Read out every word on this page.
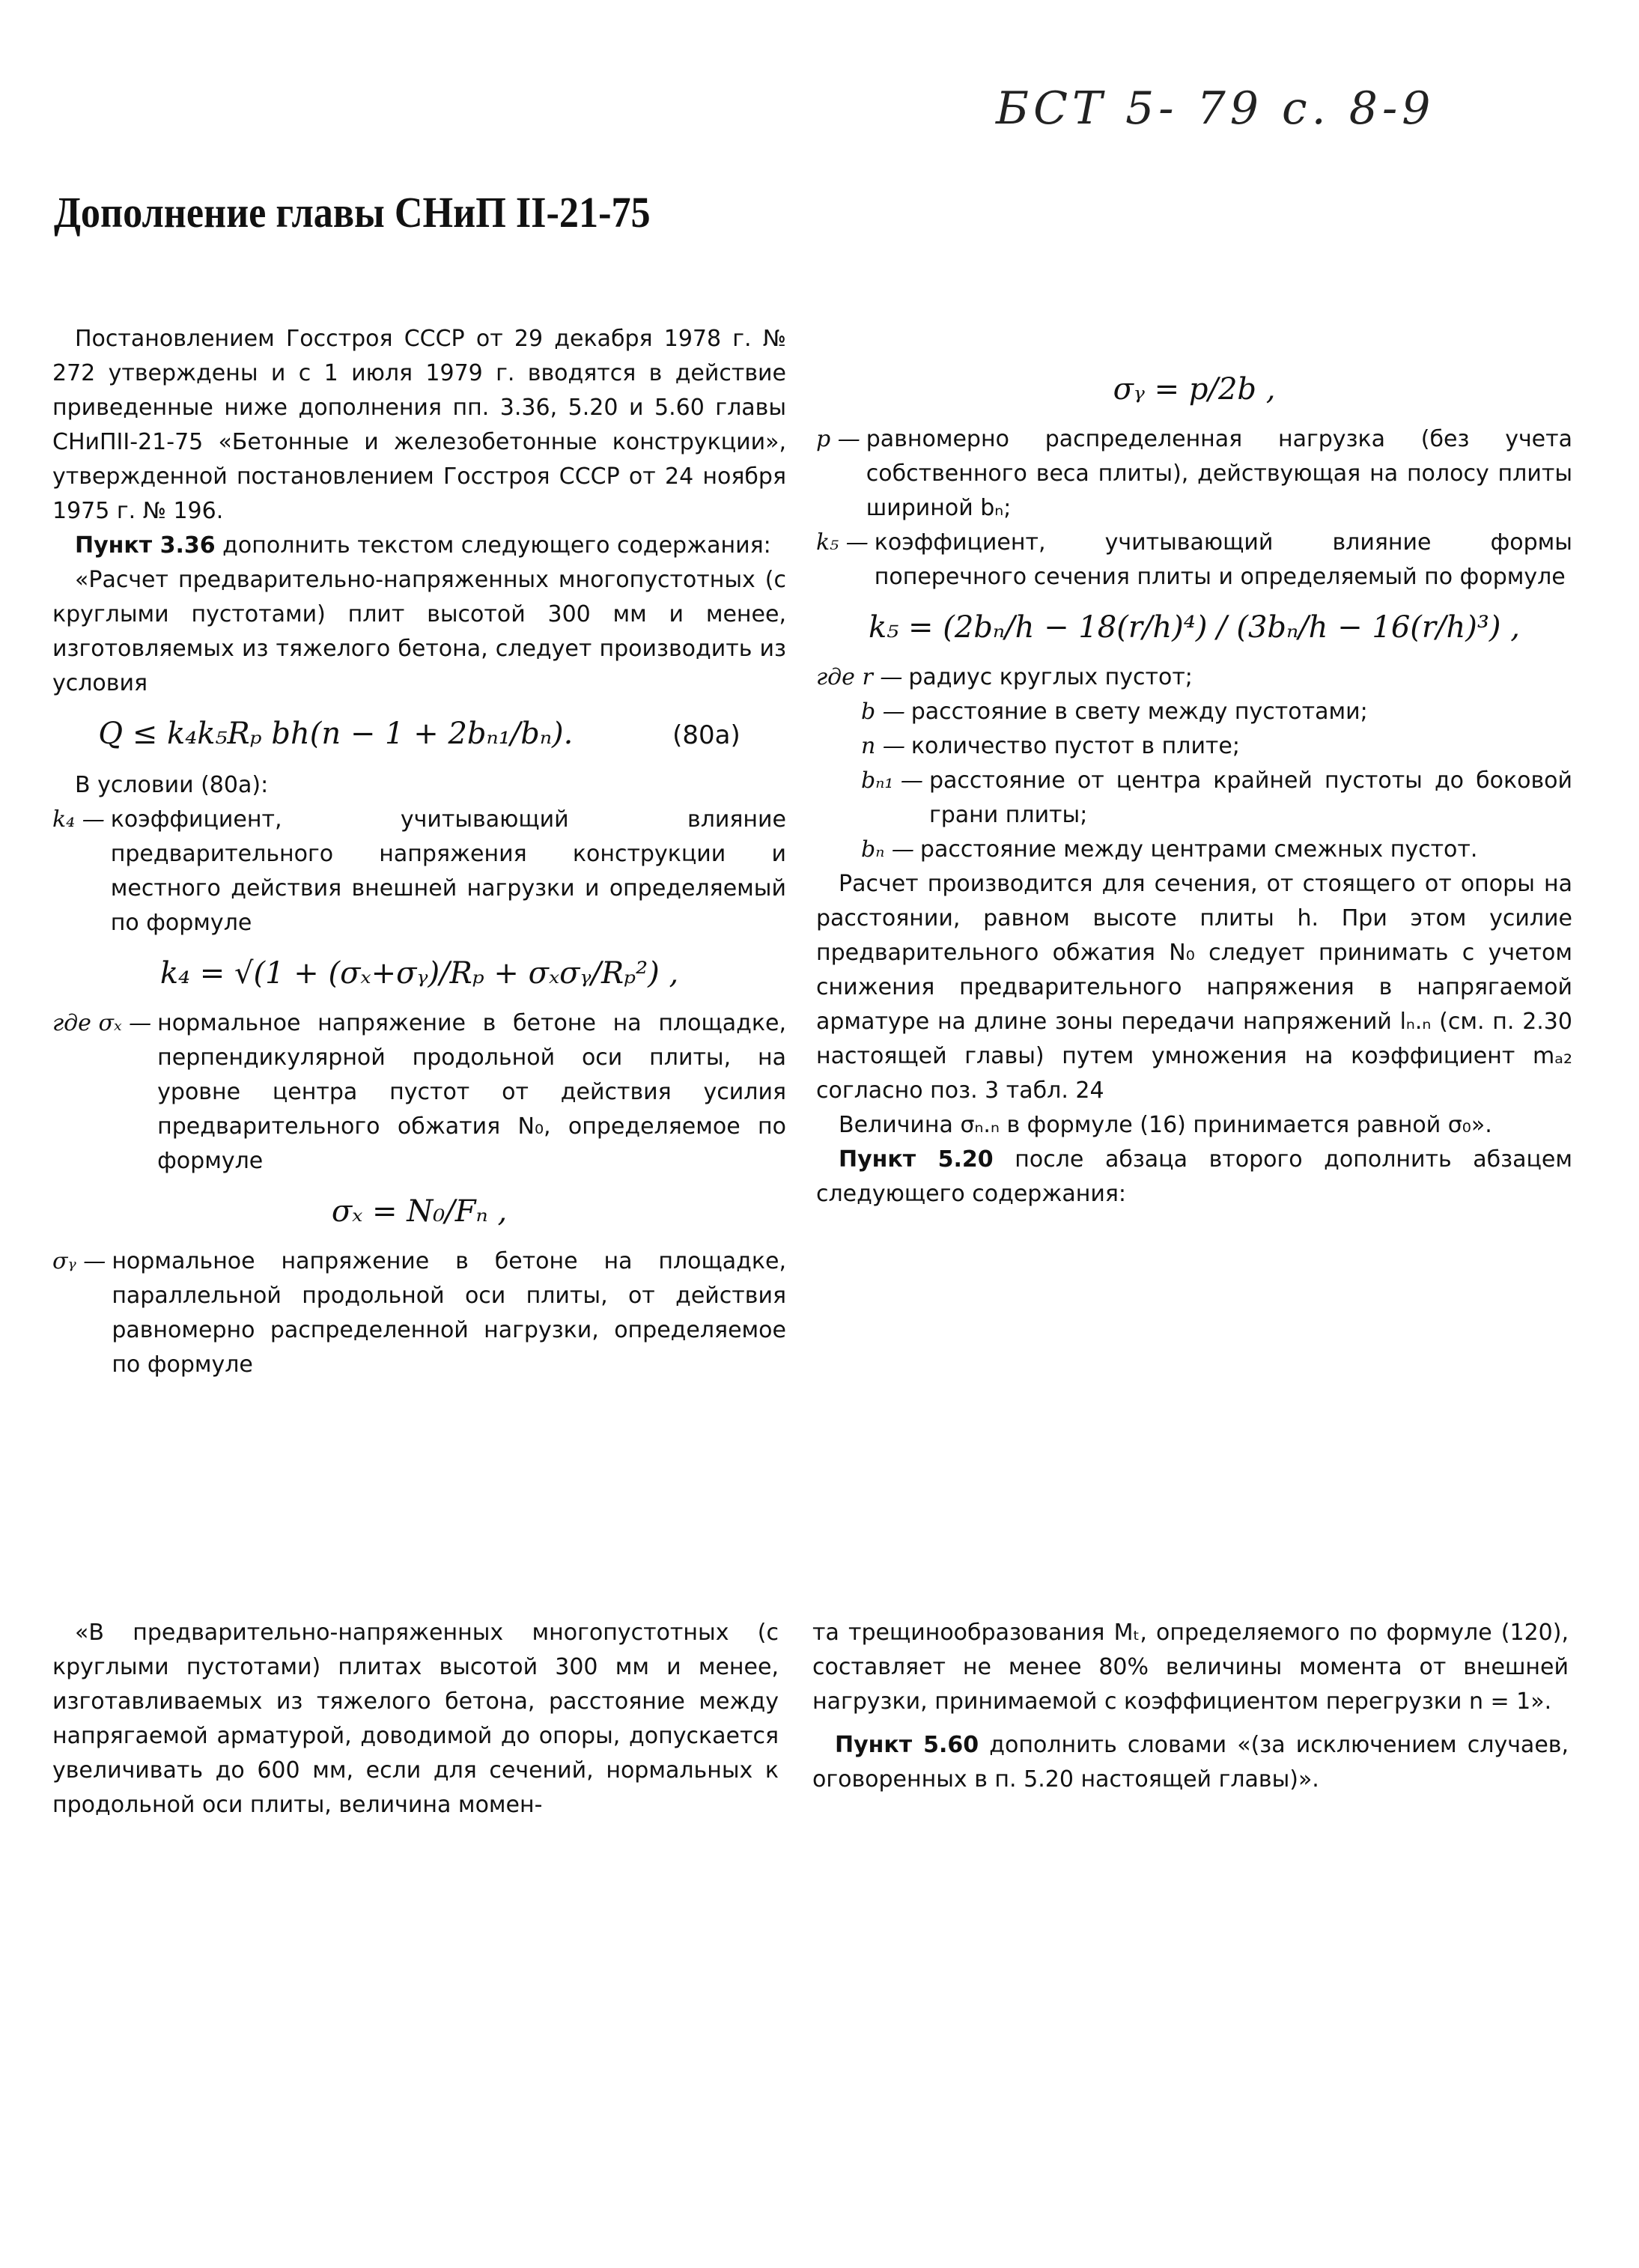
БСТ 5- 79 с. 8-9
Дополнение главы СНиП II-21-75

Постановлением Госстроя СССР от 29 декабря 1978 г. № 272 утверждены и с 1 июля 1979 г. вводятся в действие приведенные ниже дополнения пп. 3.36, 5.20 и 5.60 главы СНиПII-21-75 «Бетонные и железобетонные конструкции», утвержденной постановлением Госстроя СССР от 24 ноября 1975 г. № 196.

Пункт 3.36 дополнить текстом следующего содержания:

«Расчет предварительно-напряженных многопустотных (с круглыми пустотами) плит высотой 300 мм и менее, изготовляемых из тяжелого бетона, следует производить из условия

Q ≤ k₄k₅Rₚ bh(n − 1 + 2bₙ₁/bₙ).	(80а)

В условии (80а):

k₄ — коэффициент, учитывающий влияние предварительного напряжения конструкции и местного действия внешней нагрузки и определяемый по формуле
k₄ = √(1 + (σₓ+σᵧ)/Rₚ + σₓσᵧ/Rₚ²) ,
где σₓ — нормальное напряжение в бетоне на площадке, перпендикулярной продольной оси плиты, на уровне центра пустот от действия усилия предварительного обжатия N₀, определяемое по формуле
σₓ = N₀/Fₙ ,
σᵧ — нормальное напряжение в бетоне на площадке, параллельной продольной оси плиты, от действия равномерно распределенной нагрузки, определяемое по формуле
σᵧ = p/2b ,
p — равномерно распределенная нагрузка (без учета собственного веса плиты), действующая на полосу плиты шириной bₙ;
k₅ — коэффициент, учитывающий влияние формы поперечного сечения плиты и определяемый по формуле
k₅ = (2bₙ/h − 18(r/h)⁴) / (3bₙ/h − 16(r/h)³) ,
где r — радиус круглых пустот;
b — расстояние в свету между пустотами;
n — количество пустот в плите;
bₙ₁ — расстояние от центра крайней пустоты до боковой грани плиты;
bₙ — расстояние между центрами смежных пустот.

Расчет производится для сечения, от стоящего от опоры на расстоянии, равном высоте плиты h. При этом усилие предварительного обжатия N₀ следует принимать с учетом снижения предварительного напряжения в напрягаемой арматуре на длине зоны передачи напряжений lₙ.ₙ (см. п. 2.30 настоящей главы) путем умножения на коэффициент mₐ₂ согласно поз. 3 табл. 24

Величина σₙ.ₙ в формуле (16) принимается равной σ₀».

Пункт 5.20 после абзаца второго дополнить абзацем следующего содержания:

«В предварительно-напряженных многопустотных (с круглыми пустотами) плитах высотой 300 мм и менее, изготавливаемых из тяжелого бетона, расстояние между напрягаемой арматурой, доводимой до опоры, допускается увеличивать до 600 мм, если для сечений, нормальных к продольной оси плиты, величина момен-

та трещинообразования Mₜ, определяемого по формуле (120), составляет не менее 80% величины момента от внешней нагрузки, принимаемой с коэффициентом перегрузки n = 1».

Пункт 5.60 дополнить словами «(за исключением случаев, оговоренных в п. 5.20 настоящей главы)».
